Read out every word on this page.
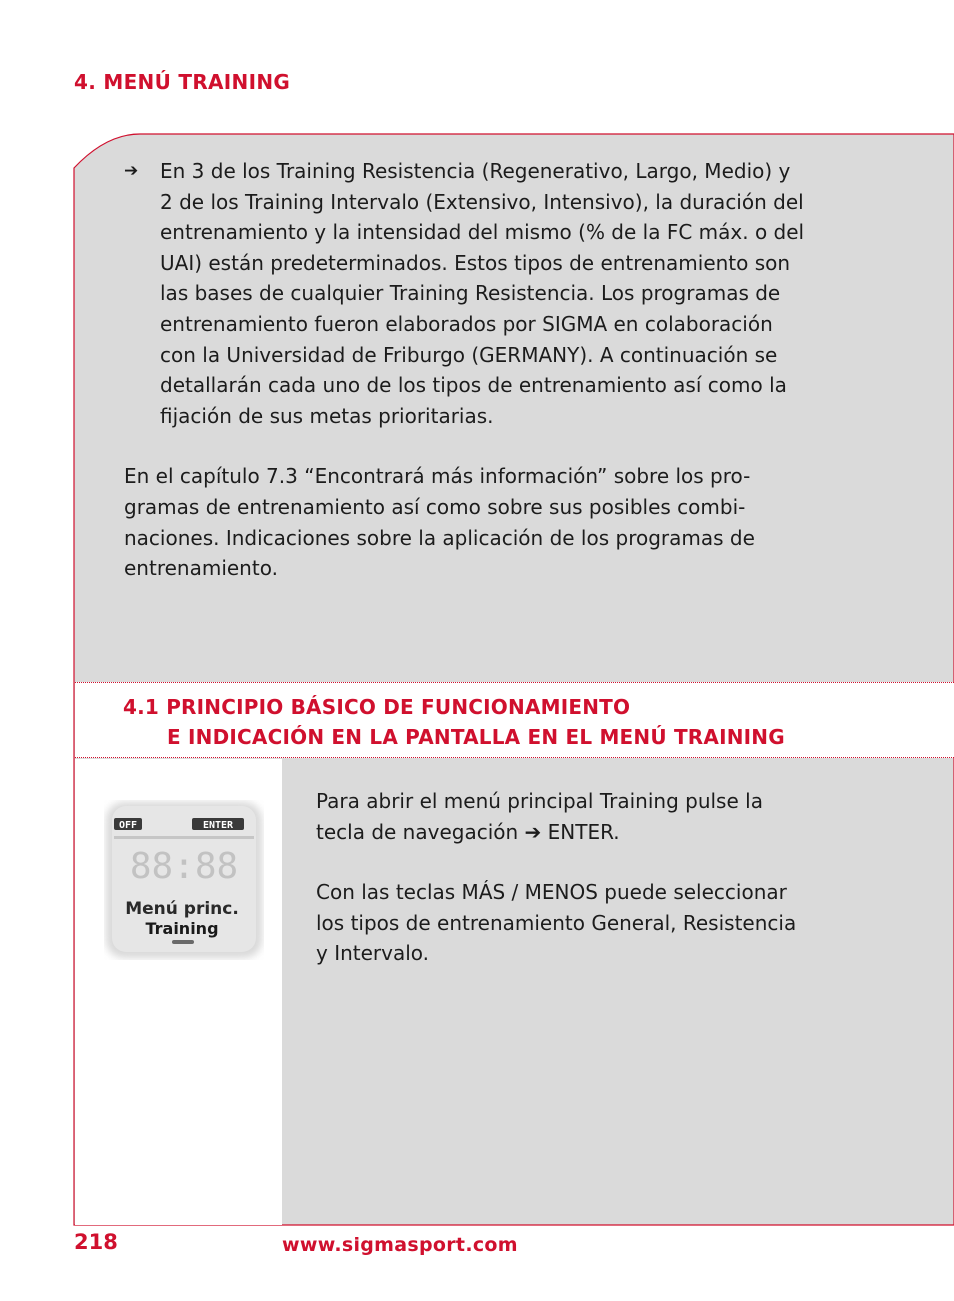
4. MENÚ TRAINING
➔ En 3 de los Training Resistencia (Regenerativo, Largo, Medio) y
2 de los Training Intervalo (Extensivo, Intensivo), la duración del
entrenamiento y la intensidad del mismo (% de la FC máx. o del
UAI) están predeterminados. Estos tipos de entrenamiento son
las bases de cualquier Training Resistencia. Los programas de
entrenamiento fueron elaborados por SIGMA en colaboración
con la Universidad de Friburgo (GERMANY). A continuación se
detallarán cada uno de los tipos de entrenamiento así como la
fijación de sus metas prioritarias.
En el capítulo 7.3 “Encontrará más información” sobre los pro-
gramas de entrenamiento así como sobre sus posibles combi-
naciones. Indicaciones sobre la aplicación de los programas de
entrenamiento.
4.1 PRINCIPIO BÁSICO DE FUNCIONAMIENTO
E INDICACIÓN EN LA PANTALLA EN EL MENÚ TRAINING
OFF	ENTER
88:88
Menú princ.
Training
Para abrir el menú principal Training pulse la
tecla de navegación ➔ ENTER.
Con las teclas MÁS / MENOS puede seleccionar
los tipos de entrenamiento General, Resistencia
y Intervalo.
218	www.sigmasport.com
